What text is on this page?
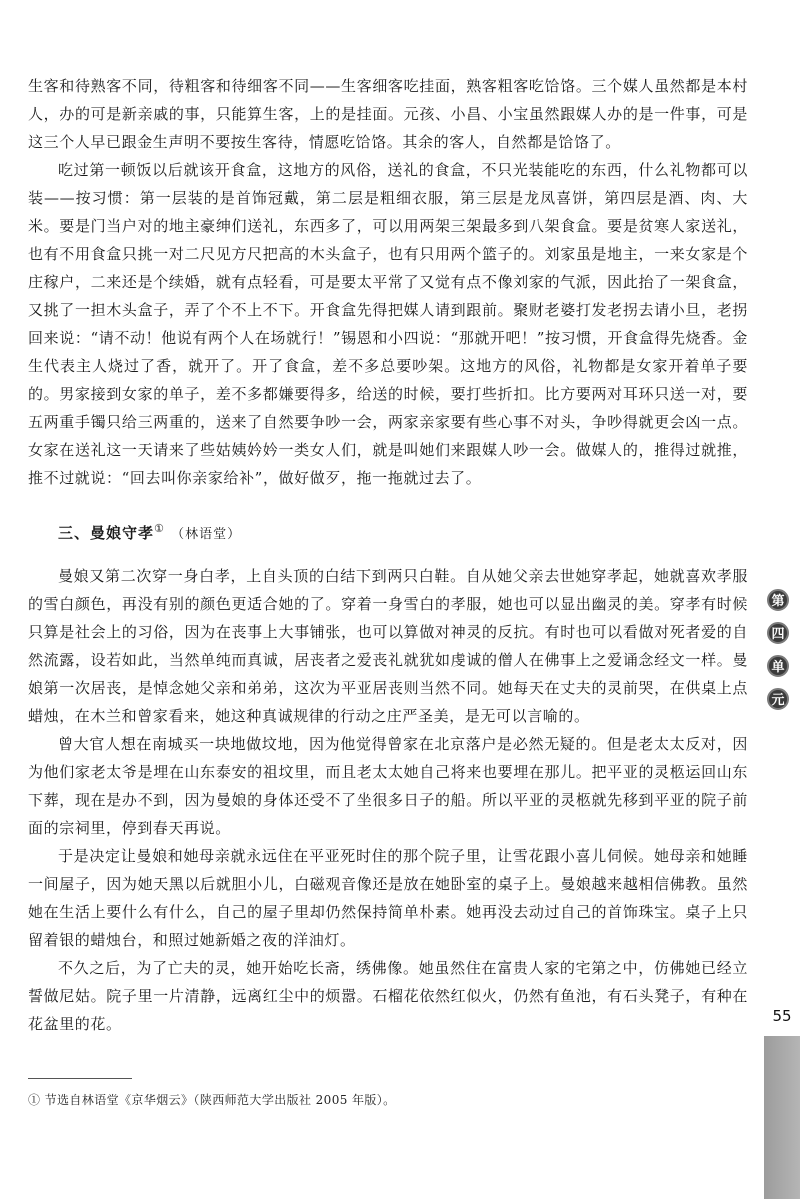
生客和待熟客不同，待粗客和待细客不同——生客细客吃挂面，熟客粗客吃饸饹。三个媒人虽然都是本村人，办的可是新亲戚的事，只能算生客，上的是挂面。元孩、小昌、小宝虽然跟媒人办的是一件事，可是这三个人早已跟金生声明不要按生客待，情愿吃饸饹。其余的客人，自然都是饸饹了。

吃过第一顿饭以后就该开食盒，这地方的风俗，送礼的食盒，不只光装能吃的东西，什么礼物都可以装——按习惯：第一层装的是首饰冠戴，第二层是粗细衣服，第三层是龙凤喜饼，第四层是酒、肉、大米。要是门当户对的地主豪绅们送礼，东西多了，可以用两架三架最多到八架食盒。要是贫寒人家送礼，也有不用食盒只挑一对二尺见方尺把高的木头盒子，也有只用两个篮子的。刘家虽是地主，一来女家是个庄稼户，二来还是个续婚，就有点轻看，可是要太平常了又觉有点不像刘家的气派，因此抬了一架食盒，又挑了一担木头盒子，弄了个不上不下。开食盒先得把媒人请到跟前。聚财老婆打发老拐去请小旦，老拐回来说：“请不动！他说有两个人在场就行！”锡恩和小四说：“那就开吧！”按习惯，开食盒得先烧香。金生代表主人烧过了香，就开了。开了食盒，差不多总要吵架。这地方的风俗，礼物都是女家开着单子要的。男家接到女家的单子，差不多都嫌要得多，给送的时候，要打些折扣。比方要两对耳环只送一对，要五两重手镯只给三两重的，送来了自然要争吵一会，两家亲家要有些心事不对头，争吵得就更会凶一点。女家在送礼这一天请来了些姑姨妗妗一类女人们，就是叫她们来跟媒人吵一会。做媒人的，推得过就推，推不过就说：“回去叫你亲家给补”，做好做歹，拖一拖就过去了。

三、曼娘守孝① （林语堂）

曼娘又第二次穿一身白孝，上自头顶的白结下到两只白鞋。自从她父亲去世她穿孝起，她就喜欢孝服的雪白颜色，再没有别的颜色更适合她的了。穿着一身雪白的孝服，她也可以显出幽灵的美。穿孝有时候只算是社会上的习俗，因为在丧事上大事铺张，也可以算做对神灵的反抗。有时也可以看做对死者爱的自然流露，设若如此，当然单纯而真诚，居丧者之爱丧礼就犹如虔诚的僧人在佛事上之爱诵念经文一样。曼娘第一次居丧，是悼念她父亲和弟弟，这次为平亚居丧则当然不同。她每天在丈夫的灵前哭，在供桌上点蜡烛，在木兰和曾家看来，她这种真诚规律的行动之庄严圣美，是无可以言喻的。

曾大官人想在南城买一块地做坟地，因为他觉得曾家在北京落户是必然无疑的。但是老太太反对，因为他们家老太爷是埋在山东泰安的祖坟里，而且老太太她自己将来也要埋在那儿。把平亚的灵柩运回山东下葬，现在是办不到，因为曼娘的身体还受不了坐很多日子的船。所以平亚的灵柩就先移到平亚的院子前面的宗祠里，停到春天再说。

于是决定让曼娘和她母亲就永远住在平亚死时住的那个院子里，让雪花跟小喜儿伺候。她母亲和她睡一间屋子，因为她天黑以后就胆小儿，白磁观音像还是放在她卧室的桌子上。曼娘越来越相信佛教。虽然她在生活上要什么有什么，自己的屋子里却仍然保持简单朴素。她再没去动过自己的首饰珠宝。桌子上只留着银的蜡烛台，和照过她新婚之夜的洋油灯。

不久之后，为了亡夫的灵，她开始吃长斋，绣佛像。她虽然住在富贵人家的宅第之中，仿佛她已经立誓做尼姑。院子里一片清静，远离红尘中的烦嚣。石榴花依然红似火，仍然有鱼池，有石头凳子，有种在花盆里的花。

① 节选自林语堂《京华烟云》（陕西师范大学出版社 2005 年版）。
第
四
单
元
55
